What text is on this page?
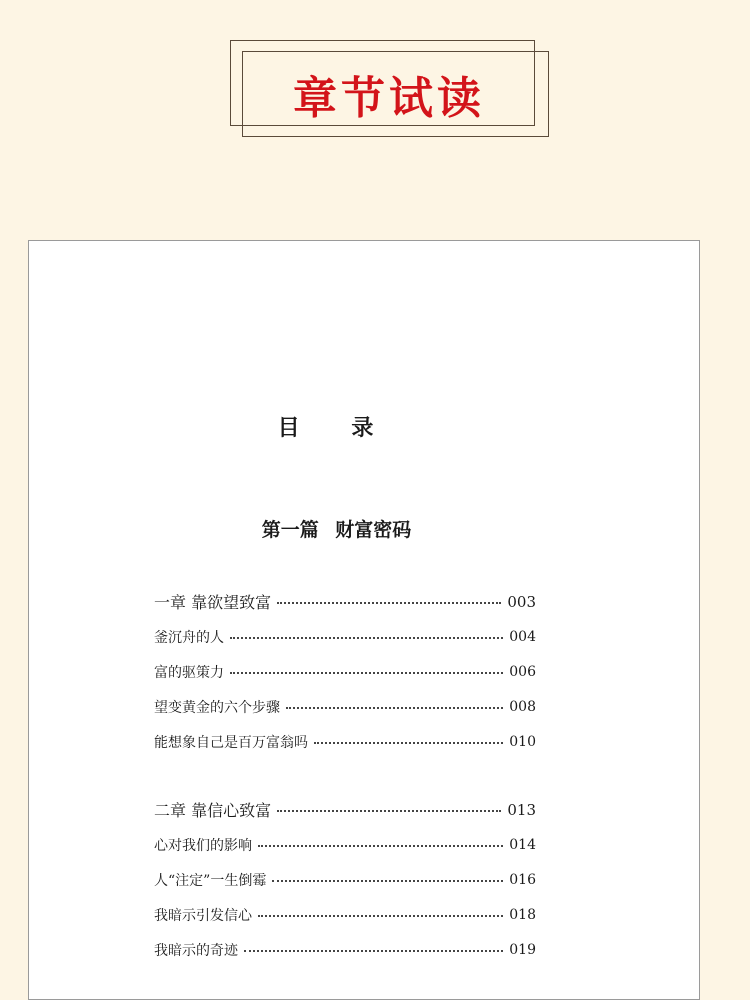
章节试读
目 录
第一篇 财富密码
一章 靠欲望致富	003
釜沉舟的人	004
富的驱策力	006
望变黄金的六个步骤	008
能想象自己是百万富翁吗	010
二章 靠信心致富	013
心对我们的影响	014
人“注定”一生倒霉	016
我暗示引发信心	018
我暗示的奇迹	019
